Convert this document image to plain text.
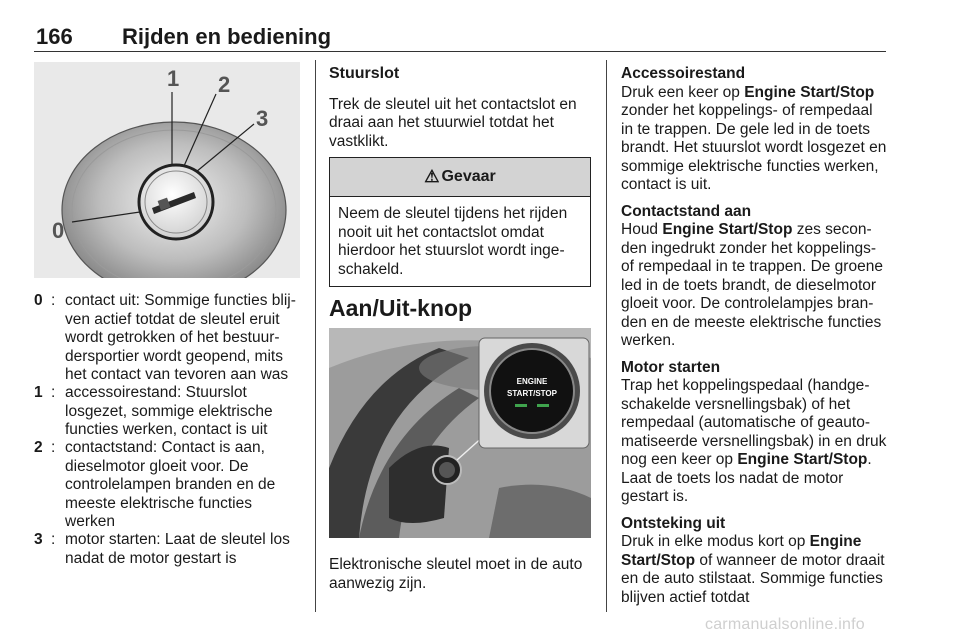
166 Rijden en bediening
1 2
3
0
0 : contact uit: Sommige functies blijven actief totdat de sleutel eruit wordt getrokken of het bestuurdersportier wordt geopend, mits het contact van tevoren aan was
1 : accessoirestand: Stuurslot losgezet, sommige elektrische functies werken, contact is uit
2 : contactstand: Contact is aan, dieselmotor gloeit voor. De controlelampen branden en de meeste elektrische functies werken
3 : motor starten: Laat de sleutel los nadat de motor gestart is
Stuurslot

Trek de sleutel uit het contactslot en draai aan het stuurwiel totdat het vastklikt.

⚠ Gevaar
Neem de sleutel tijdens het rijden nooit uit het contactslot omdat hierdoor het stuurslot wordt ingeschakeld.
Aan/Uit-knop
ENGINE
START/STOP
Elektronische sleutel moet in de auto aanwezig zijn.

Accessoirestand
Druk een keer op Engine Start/Stop zonder het koppelings- of rempedaal in te trappen. De gele led in de toets brandt. Het stuurslot wordt losgezet en sommige elektrische functies werken, contact is uit.

Contactstand aan
Houd Engine Start/Stop zes seconden ingedrukt zonder het koppelings- of rempedaal in te trappen. De groene led in de toets brandt, de dieselmotor gloeit voor. De controlelampjes branden en de meeste elektrische functies werken.

Motor starten
Trap het koppelingspedaal (handgeschakelde versnellingsbak) of het rempedaal (automatische of geautomatiseerde versnellingsbak) in en druk nog een keer op Engine Start/Stop. Laat de toets los nadat de motor gestart is.

Ontsteking uit
Druk in elke modus kort op Engine Start/Stop of wanneer de motor draait en de auto stilstaat. Sommige functies blijven actief totdat

carmanualsonline.info
